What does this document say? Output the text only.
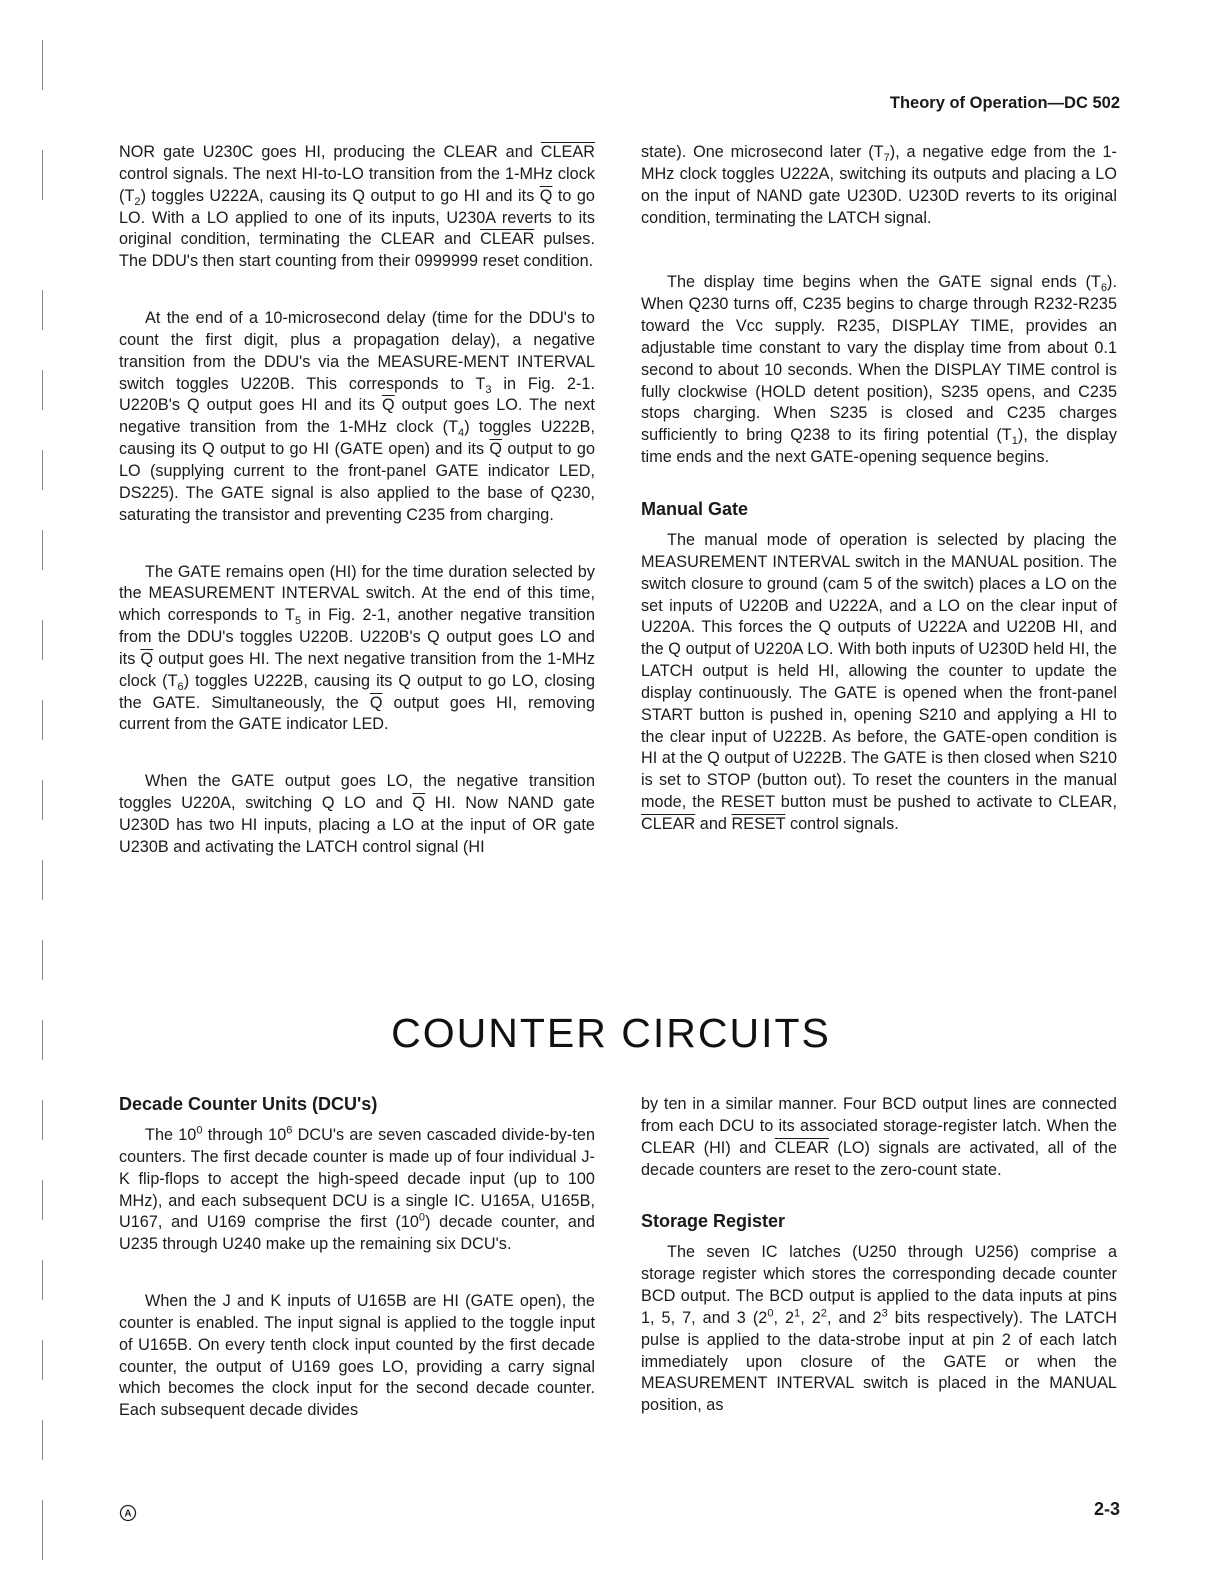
Theory of Operation—DC 502

NOR gate U230C goes HI, producing the CLEAR and CLEAR control signals. The next HI-to-LO transition from the 1-MHz clock $(T_2)$ toggles U222A, causing its Q output to go HI and its $\overline{Q}$ to go LO. With a LO applied to one of its inputs, U230A reverts to its original condition, terminating the CLEAR and CLEAR pulses. The DDU's then start counting from their 0999999 reset condition.

At the end of a 10-microsecond delay (time for the DDU's to count the first digit, plus a propagation delay), a negative transition from the DDU's via the MEASURE-MENT INTERVAL switch toggles U220B. This corresponds to $T_3$ in Fig. 2-1. U220B's Q output goes HI and its $\overline{Q}$ output goes LO. The next negative transition from the 1-MHz clock $(T_4)$ toggles U222B, causing its Q output to go HI (GATE open) and its $\overline{Q}$ output to go LO (supplying current to the front-panel GATE indicator LED, DS225). The GATE signal is also applied to the base of Q230, saturating the transistor and preventing C235 from charging.

The GATE remains open (HI) for the time duration selected by the MEASUREMENT INTERVAL switch. At the end of this time, which corresponds to $T_5$ in Fig. 2-1, another negative transition from the DDU's toggles U220B. U220B's Q output goes LO and its $\overline{Q}$ output goes HI. The next negative transition from the 1-MHz clock $(T_6)$ toggles U222B, causing its Q output to go LO, closing the GATE. Simultaneously, the $\overline{Q}$ output goes HI, removing current from the GATE indicator LED.

When the GATE output goes LO, the negative transition toggles U220A, switching Q LO and $\overline{Q}$ HI. Now NAND gate U230D has two HI inputs, placing a LO at the input of OR gate U230B and activating the LATCH control signal (HI

state). One microsecond later $(T_7)$, a negative edge from the 1-MHz clock toggles U222A, switching its outputs and placing a LO on the input of NAND gate U230D. U230D reverts to its original condition, terminating the LATCH signal.

The display time begins when the GATE signal ends $(T_6)$. When Q230 turns off, C235 begins to charge through R232-R235 toward the Vcc supply. R235, DISPLAY TIME, provides an adjustable time constant to vary the display time from about 0.1 second to about 10 seconds. When the DISPLAY TIME control is fully clockwise (HOLD detent position), S235 opens, and C235 stops charging. When S235 is closed and C235 charges sufficiently to bring Q238 to its firing potential $(T_1)$, the display time ends and the next GATE-opening sequence begins.

Manual Gate

The manual mode of operation is selected by placing the MEASUREMENT INTERVAL switch in the MANUAL position. The switch closure to ground (cam 5 of the switch) places a LO on the set inputs of U220B and U222A, and a LO on the clear input of U220A. This forces the Q outputs of U222A and U220B HI, and the Q output of U220A LO. With both inputs of U230D held HI, the LATCH output is held HI, allowing the counter to update the display continuously. The GATE is opened when the front-panel START button is pushed in, opening S210 and applying a HI to the clear input of U222B. As before, the GATE-open condition is HI at the Q output of U222B. The GATE is then closed when S210 is set to STOP (button out). To reset the counters in the manual mode, the RESET button must be pushed to activate to CLEAR, CLEAR and RESET control signals.

COUNTER CIRCUITS
Decade Counter Units (DCU's)

The $10^0$ through $10^6$ DCU's are seven cascaded divide-by-ten counters. The first decade counter is made up of four individual J-K flip-flops to accept the high-speed decade input (up to 100 MHz), and each subsequent DCU is a single IC. U165A, U165B, U167, and U169 comprise the first $(10^0)$ decade counter, and U235 through U240 make up the remaining six DCU's.

When the J and K inputs of U165B are HI (GATE open), the counter is enabled. The input signal is applied to the toggle input of U165B. On every tenth clock input counted by the first decade counter, the output of U169 goes LO, providing a carry signal which becomes the clock input for the second decade counter. Each subsequent decade divides

by ten in a similar manner. Four BCD output lines are connected from each DCU to its associated storage-register latch. When the CLEAR (HI) and CLEAR (LO) signals are activated, all of the decade counters are reset to the zero-count state.

Storage Register

The seven IC latches (U250 through U256) comprise a storage register which stores the corresponding decade counter BCD output. The BCD output is applied to the data inputs at pins 1, 5, 7, and 3 ($2^0$, $2^1$, $2^2$, and $2^3$ bits respectively). The LATCH pulse is applied to the data-strobe input at pin 2 of each latch immediately upon closure of the GATE or when the MEASUREMENT INTERVAL switch is placed in the MANUAL position, as

A	2-3
